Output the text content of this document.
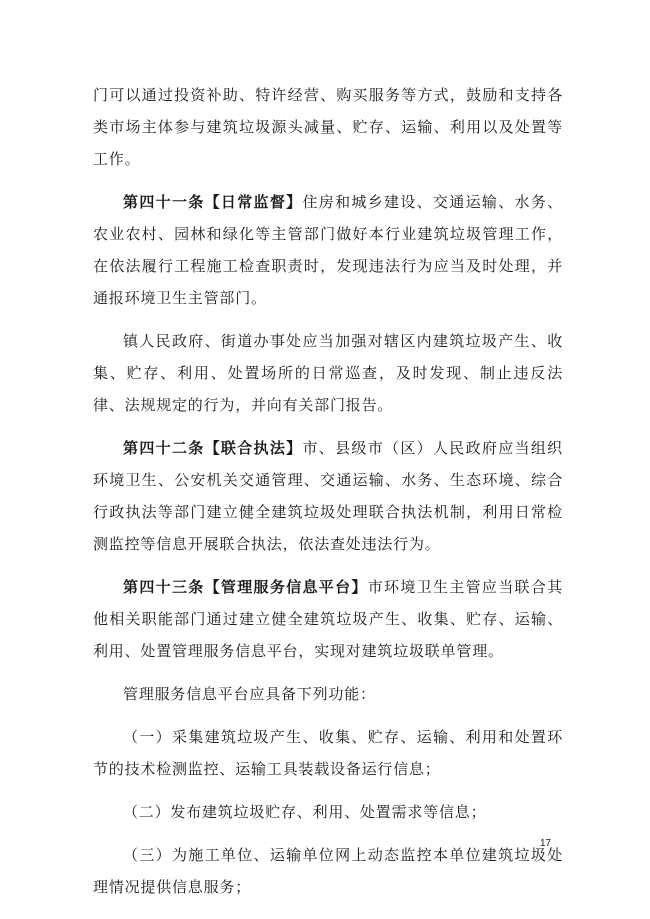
门可以通过投资补助、特许经营、购买服务等方式，鼓励和支持各类市场主体参与建筑垃圾源头减量、贮存、运输、利用以及处置等工作。

第四十一条【日常监督】住房和城乡建设、交通运输、水务、农业农村、园林和绿化等主管部门做好本行业建筑垃圾管理工作，在依法履行工程施工检查职责时，发现违法行为应当及时处理，并通报环境卫生主管部门。

镇人民政府、街道办事处应当加强对辖区内建筑垃圾产生、收集、贮存、利用、处置场所的日常巡查，及时发现、制止违反法律、法规规定的行为，并向有关部门报告。

第四十二条【联合执法】市、县级市（区）人民政府应当组织环境卫生、公安机关交通管理、交通运输、水务、生态环境、综合行政执法等部门建立健全建筑垃圾处理联合执法机制，利用日常检测监控等信息开展联合执法，依法查处违法行为。

第四十三条【管理服务信息平台】市环境卫生主管应当联合其他相关职能部门通过建立健全建筑垃圾产生、收集、贮存、运输、利用、处置管理服务信息平台，实现对建筑垃圾联单管理。

管理服务信息平台应具备下列功能：

（一）采集建筑垃圾产生、收集、贮存、运输、利用和处置环节的技术检测监控、运输工具装载设备运行信息；

（二）发布建筑垃圾贮存、利用、处置需求等信息；

（三）为施工单位、运输单位网上动态监控本单位建筑垃圾处理情况提供信息服务；

17
